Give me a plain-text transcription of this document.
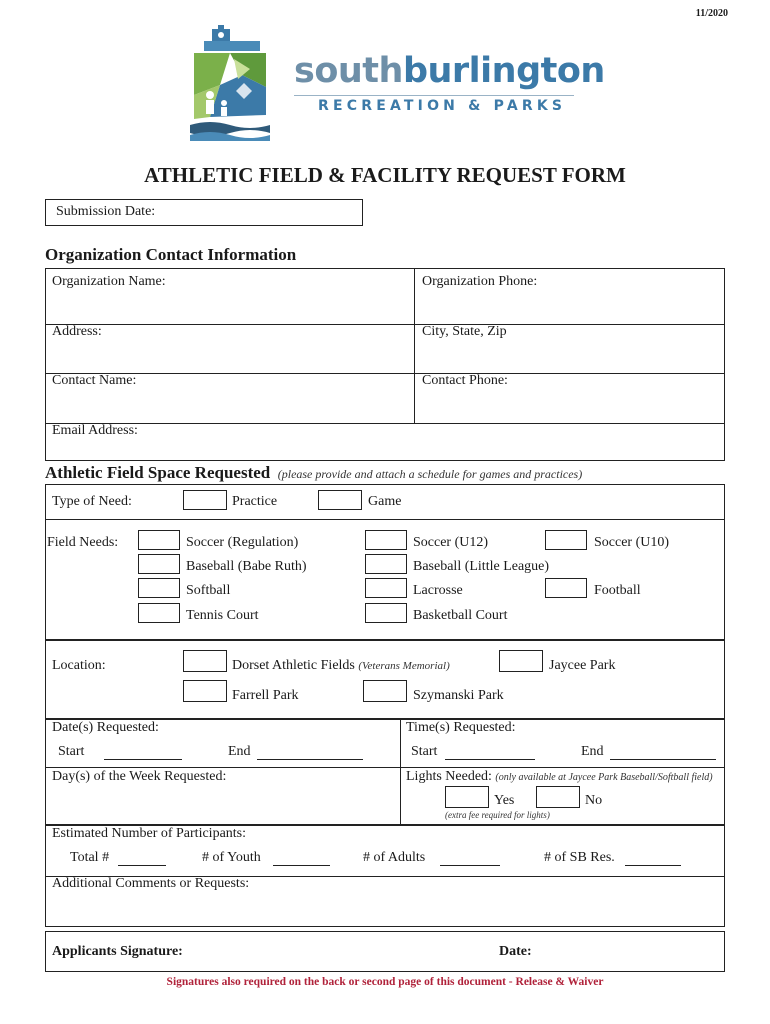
11/2020
southburlington
RECREATION & PARKS
ATHLETIC FIELD & FACILITY REQUEST FORM
Submission Date:
Organization Contact Information
Organization Name:	Organization Phone:
Address:	City, State, Zip
Contact Name:	Contact Phone:
Email Address:
Athletic Field Space Requested (please provide and attach a schedule for games and practices)
Type of Need:	Practice	Game
Field Needs:	Soccer (Regulation)	Soccer (U12)	Soccer (U10)
Baseball (Babe Ruth)	Baseball (Little League)
Softball	Lacrosse	Football
Tennis Court	Basketball Court
Location:	Dorset Athletic Fields (Veterans Memorial)	Jaycee Park
Farrell Park	Szymanski Park
Date(s) Requested:	Time(s) Requested:
Start	End	Start	End
Day(s) of the Week Requested:	Lights Needed: (only available at Jaycee Park Baseball/Softball field)
Yes	No
(extra fee required for lights)
Estimated Number of Participants:
Total #	# of Youth	# of Adults	# of SB Res.
Additional Comments or Requests:
Applicants Signature:	Date:
Signatures also required on the back or second page of this document - Release & Waiver
